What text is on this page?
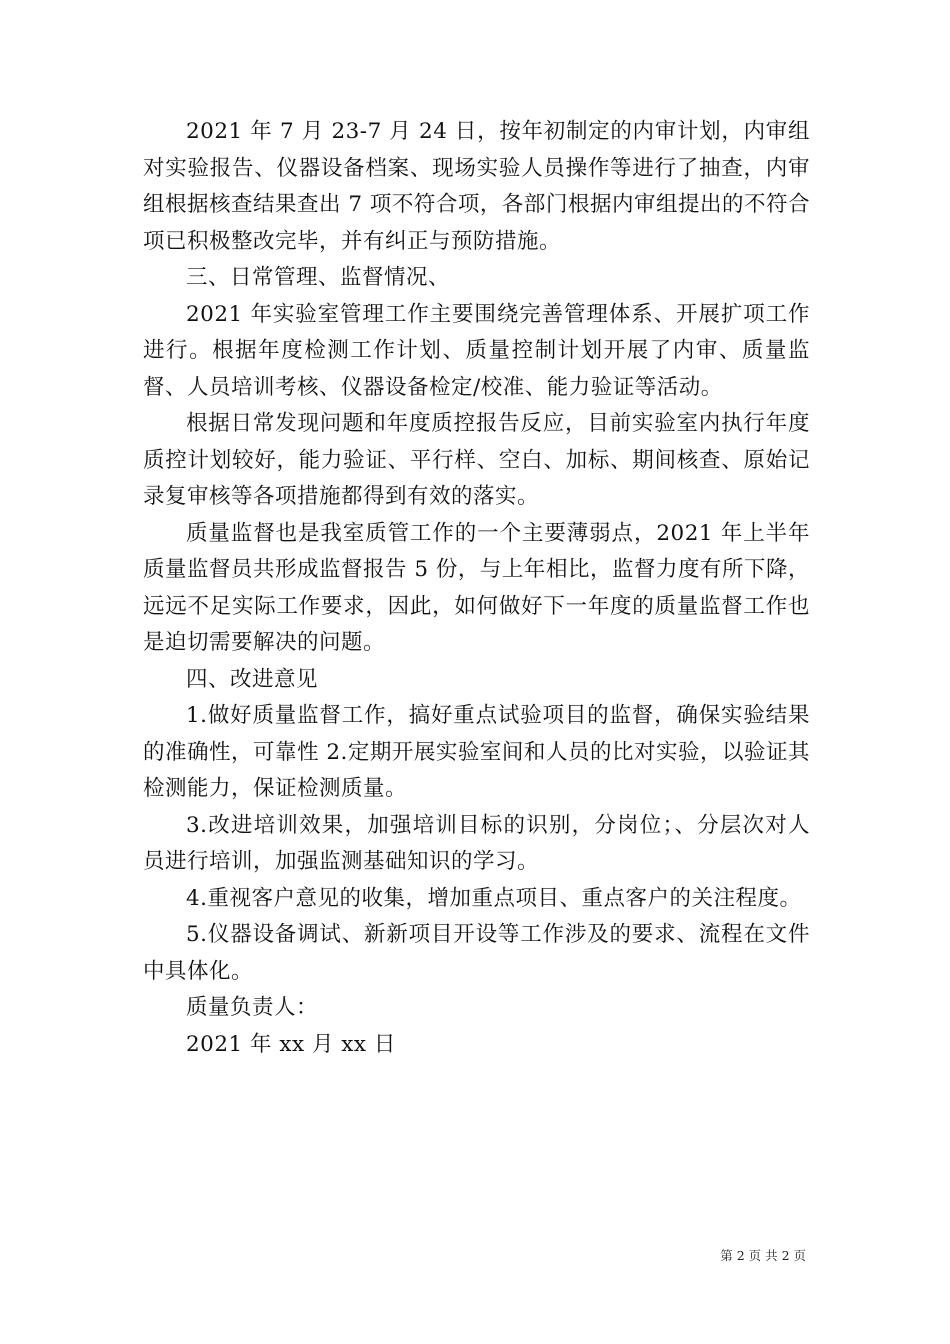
2021 年 7 月 23-7 月 24 日，按年初制定的内审计划，内审组对实验报告、仪器设备档案、现场实验人员操作等进行了抽查，内审组根据核查结果查出 7 项不符合项，各部门根据内审组提出的不符合项已积极整改完毕，并有纠正与预防措施。

三、日常管理、监督情况、

2021 年实验室管理工作主要围绕完善管理体系、开展扩项工作进行。根据年度检测工作计划、质量控制计划开展了内审、质量监督、人员培训考核、仪器设备检定/校准、能力验证等活动。

根据日常发现问题和年度质控报告反应，目前实验室内执行年度质控计划较好，能力验证、平行样、空白、加标、期间核查、原始记录复审核等各项措施都得到有效的落实。

质量监督也是我室质管工作的一个主要薄弱点，2021 年上半年质量监督员共形成监督报告 5 份，与上年相比，监督力度有所下降，远远不足实际工作要求，因此，如何做好下一年度的质量监督工作也是迫切需要解决的问题。

四、改进意见

1.做好质量监督工作，搞好重点试验项目的监督，确保实验结果的准确性，可靠性 2.定期开展实验室间和人员的比对实验，以验证其检测能力，保证检测质量。

3.改进培训效果，加强培训目标的识别，分岗位；、分层次对人员进行培训，加强监测基础知识的学习。

4.重视客户意见的收集，增加重点项目、重点客户的关注程度。

5.仪器设备调试、新新项目开设等工作涉及的要求、流程在文件中具体化。

质量负责人：

2021 年 xx 月 xx 日

第 2 页 共 2 页
